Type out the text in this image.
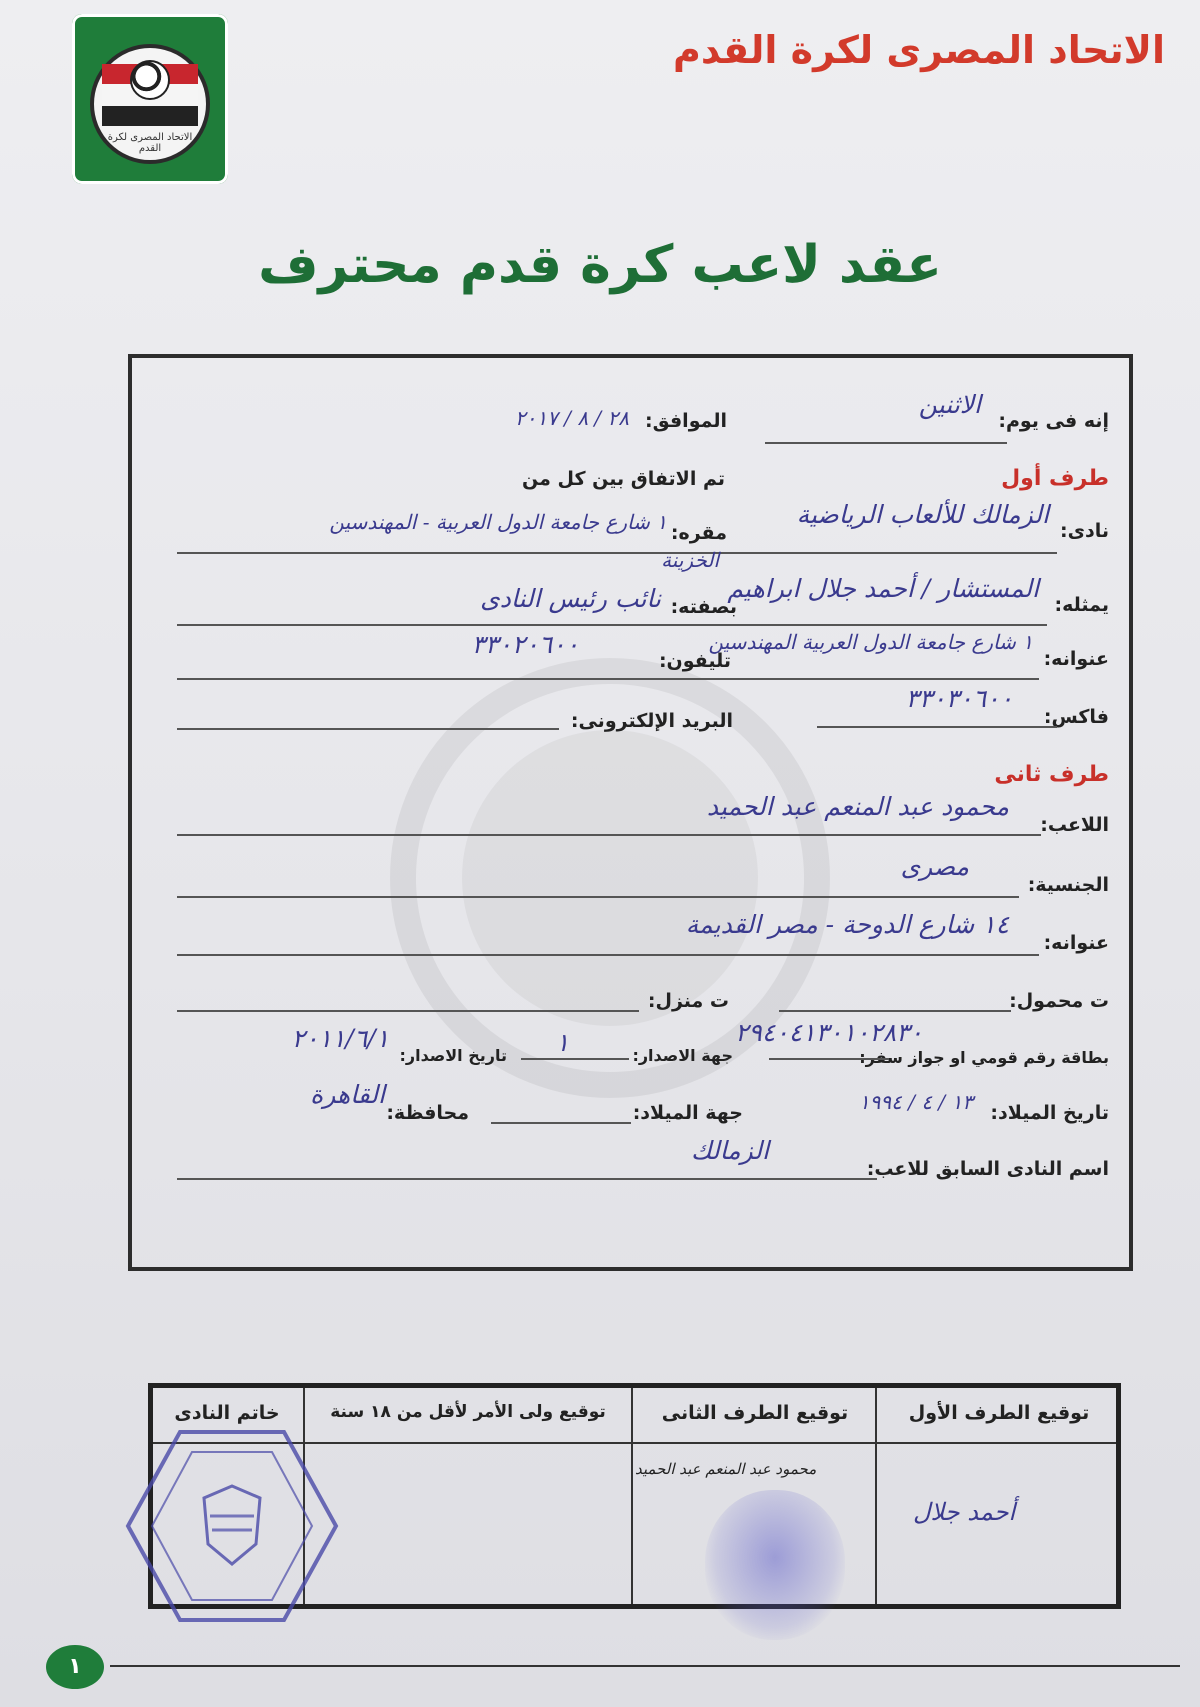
الاتحاد المصرى لكرة القدم
الاتحاد المصرى لكرة القدم
عقد لاعب كرة قدم محترف
إنه فى يوم:
الاثنين
الموافق:
٢٨ / ٨ / ٢٠١٧
طرف أول
تم الاتفاق بين كل من
نادى:
الزمالك للألعاب الرياضية
مقره:
١ شارع جامعة الدول العربية - المهندسين
الخزينة
يمثله:
المستشار / أحمد جلال ابراهيم
بصفته:
نائب رئيس النادى
عنوانه:
١ شارع جامعة الدول العربية المهندسين
تليفون:
٣٣٠٢٠٦٠٠
فاكس:
٣٣٠٣٠٦٠٠
البريد الإلكترونى:
طرف ثانى
اللاعب:
محمود عبد المنعم عبد الحميد
الجنسية:
مصرى
عنوانه:
١٤ شارع الدوحة - مصر القديمة
ت محمول:
ت منزل:
بطاقة رقم قومي او جواز سفر:
٢٩٤٠٤١٣٠١٠٢٨٣٠
جهة الاصدار:
١
تاريخ الاصدار:
٢٠١١/٦/١
تاريخ الميلاد:
١٣ / ٤ / ١٩٩٤
جهة الميلاد:
محافظة:
القاهرة
اسم النادى السابق للاعب:
الزمالك
توقيع الطرف الأول
توقيع الطرف الثانى
توقيع ولى الأمر لأقل من ١٨ سنة
خاتم النادى
أحمد جلال
محمود عبد المنعم عبد الحميد
١
